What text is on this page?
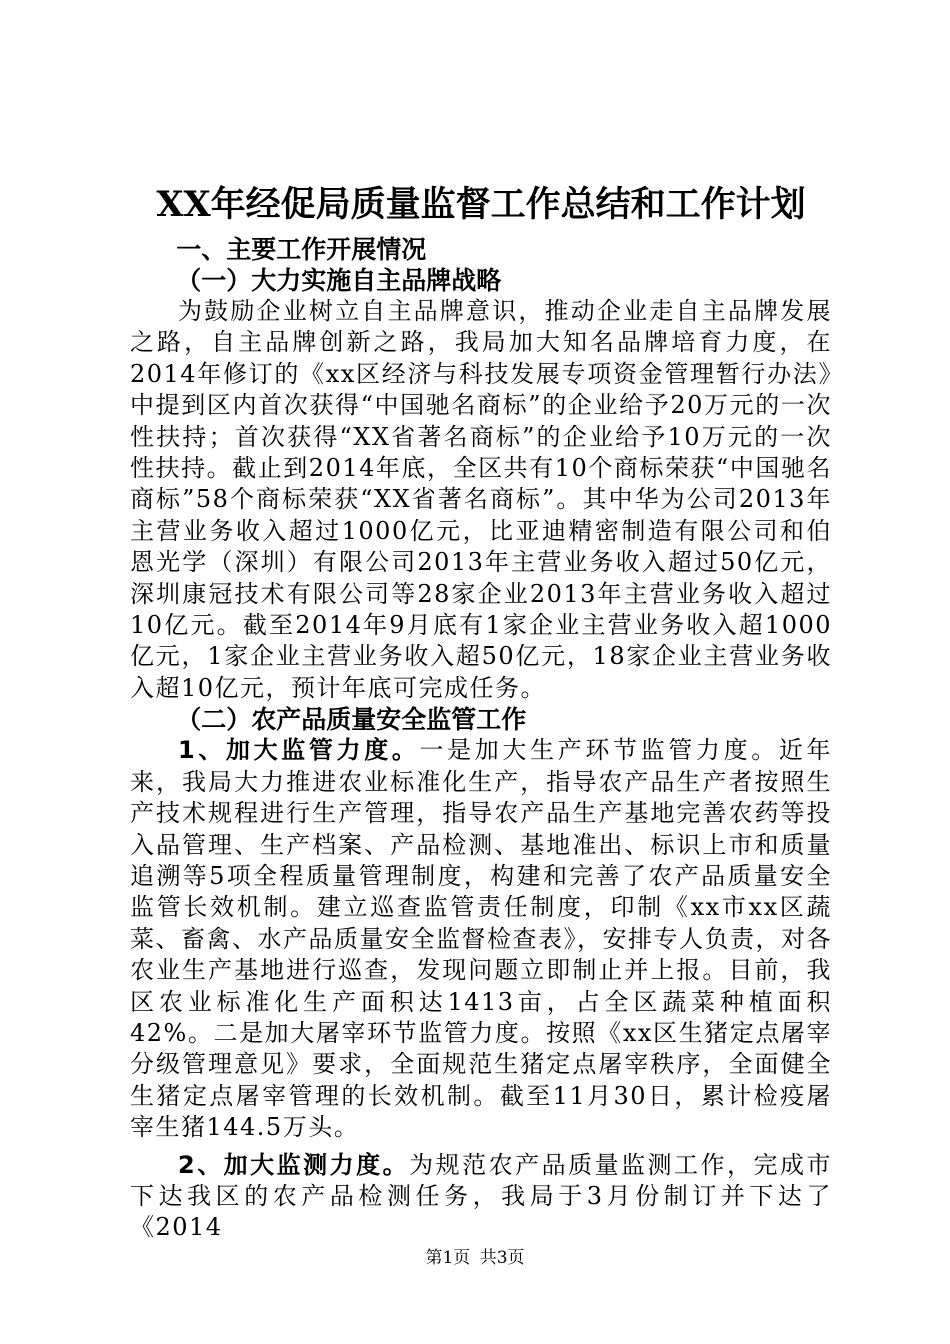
XX年经促局质量监督工作总结和工作计划

一、主要工作开展情况

（一）大力实施自主品牌战略

为鼓励企业树立自主品牌意识，推动企业走自主品牌发展之路，自主品牌创新之路，我局加大知名品牌培育力度，在2014年修订的《xx区经济与科技发展专项资金管理暂行办法》中提到区内首次获得“中国驰名商标”的企业给予20万元的一次性扶持；首次获得“XX省著名商标”的企业给予10万元的一次性扶持。截止到2014年底，全区共有10个商标荣获“中国驰名商标”58个商标荣获“XX省著名商标”。其中华为公司2013年主营业务收入超过1000亿元，比亚迪精密制造有限公司和伯恩光学（深圳）有限公司2013年主营业务收入超过50亿元，深圳康冠技术有限公司等28家企业2013年主营业务收入超过10亿元。截至2014年9月底有1家企业主营业务收入超1000亿元，1家企业主营业务收入超50亿元，18家企业主营业务收入超10亿元，预计年底可完成任务。

（二）农产品质量安全监管工作

1、加大监管力度。一是加大生产环节监管力度。近年来，我局大力推进农业标准化生产，指导农产品生产者按照生产技术规程进行生产管理，指导农产品生产基地完善农药等投入品管理、生产档案、产品检测、基地准出、标识上市和质量追溯等5项全程质量管理制度，构建和完善了农产品质量安全监管长效机制。建立巡查监管责任制度，印制《xx市xx区蔬菜、畜禽、水产品质量安全监督检查表》，安排专人负责，对各农业生产基地进行巡查，发现问题立即制止并上报。目前，我区农业标准化生产面积达1413亩，占全区蔬菜种植面积42%。二是加大屠宰环节监管力度。按照《xx区生猪定点屠宰分级管理意见》要求，全面规范生猪定点屠宰秩序，全面健全生猪定点屠宰管理的长效机制。截至11月30日，累计检疫屠宰生猪144.5万头。

2、加大监测力度。为规范农产品质量监测工作，完成市下达我区的农产品检测任务，我局于3月份制订并下达了《2014

第1页 共3页
